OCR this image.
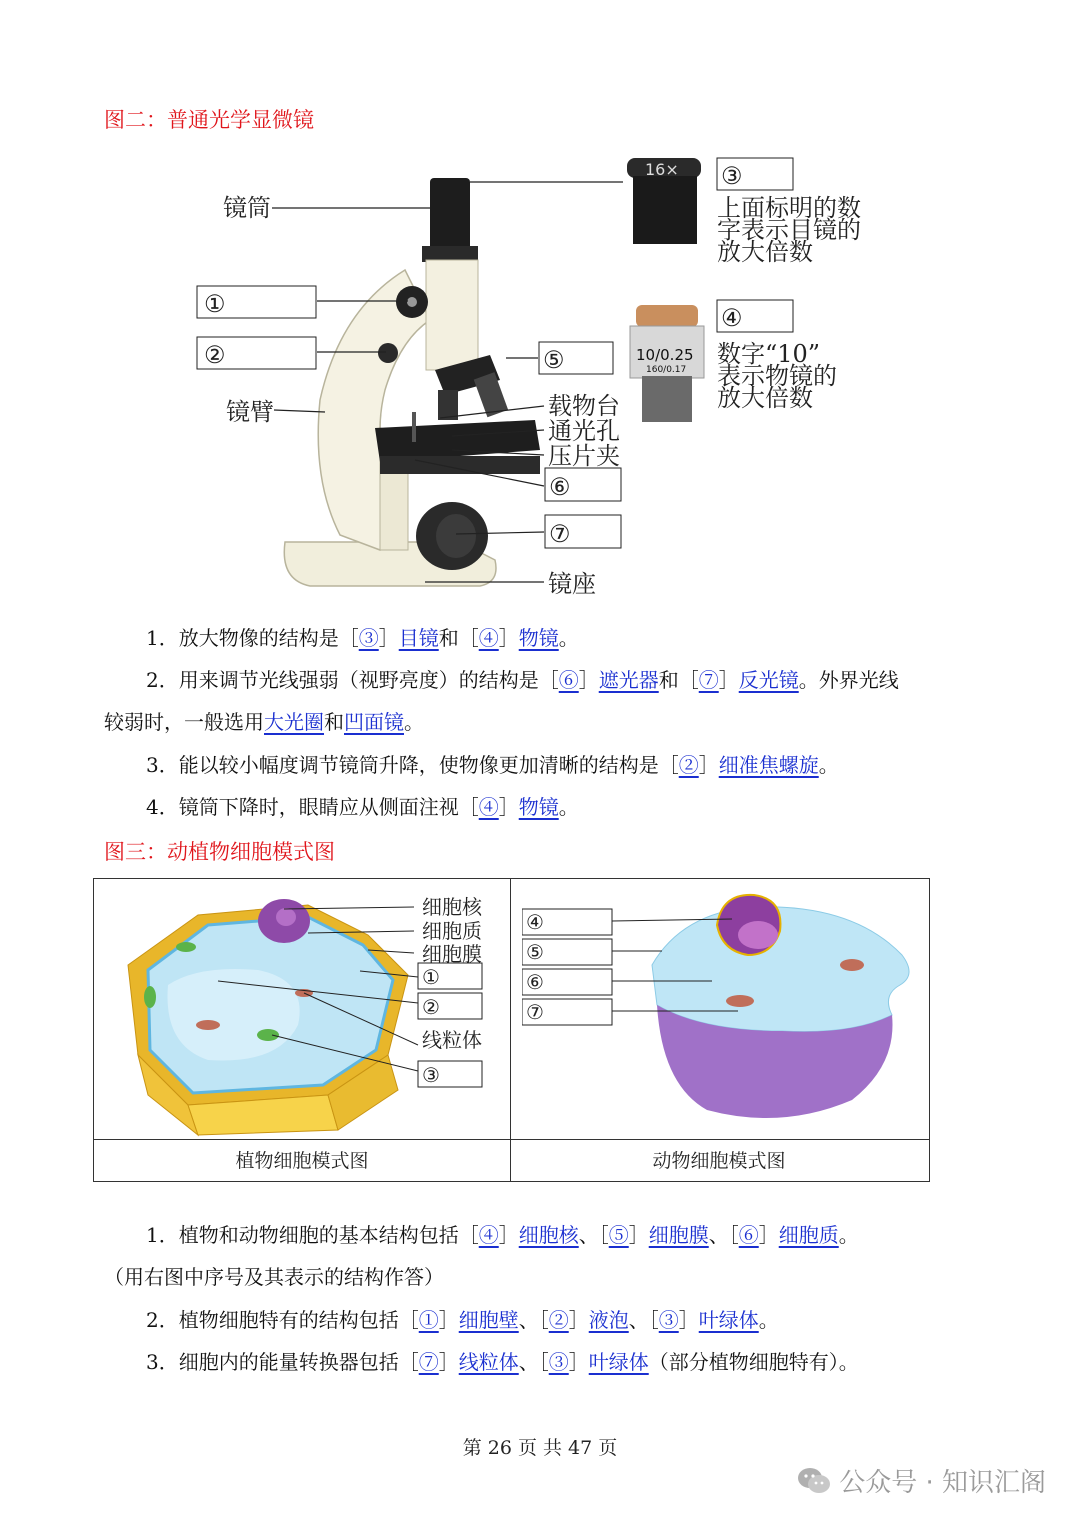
图二：普通光学显微镜
16×
10/0.25
160/0.17
①
②	⑤
⑥
⑦
③
④
镜筒
镜臂	载物台
通光孔
压片夹
镜座
上面标明的数
字表示目镜的
放大倍数
数字“10”
表示物镜的
放大倍数
1．放大物像的结构是［③］目镜和［④］物镜。
2．用来调节光线强弱（视野亮度）的结构是［⑥］遮光器和［⑦］反光镜。外界光线
较弱时，一般选用大光圈和凹面镜。
3．能以较小幅度调节镜筒升降，使物像更加清晰的结构是［②］细准焦螺旋。
4．镜筒下降时，眼睛应从侧面注视［④］物镜。
图三：动植物细胞模式图
细胞核
细胞质
细胞膜
①
②
线粒体
③
④
⑤
⑥
⑦
植物细胞模式图	动物细胞模式图
1．植物和动物细胞的基本结构包括［④］细胞核、［⑤］细胞膜、［⑥］细胞质。
（用右图中序号及其表示的结构作答）
2．植物细胞特有的结构包括［①］细胞壁、［②］液泡、［③］叶绿体。
3．细胞内的能量转换器包括［⑦］线粒体、［③］叶绿体（部分植物细胞特有）。
第 26 页 共 47 页
公众号 · 知识汇阁
